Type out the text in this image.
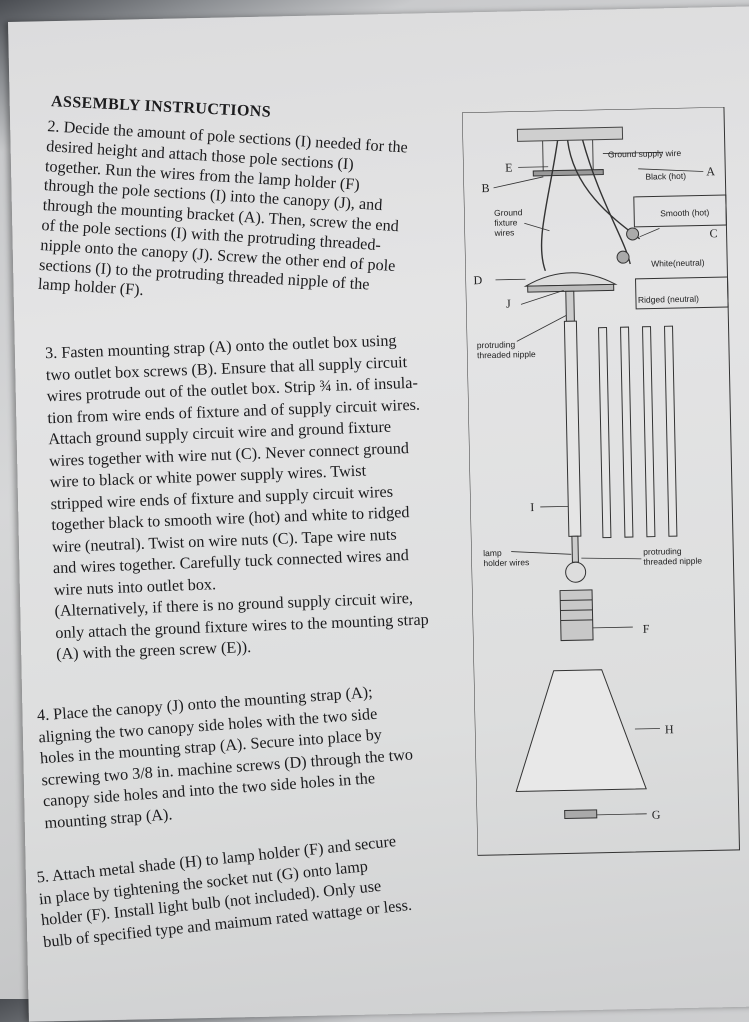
ASSEMBLY INSTRUCTIONS

2. Decide the amount of pole sections (I) needed for the
desired height and attach those pole sections (I)
together. Run the wires from the lamp holder (F)
through the pole sections (I) into the canopy (J), and
through the mounting bracket (A). Then, screw the end
of the pole sections (I) with the protruding threaded-
nipple onto the canopy (J). Screw the other end of pole
sections (I) to the protruding threaded nipple of the
lamp holder (F).

3. Fasten mounting strap (A) onto the outlet box using
two outlet box screws (B). Ensure that all supply circuit
wires protrude out of the outlet box. Strip ¾ in. of insula-
tion from wire ends of fixture and of supply circuit wires.
Attach ground supply circuit wire and ground fixture
wires together with wire nut (C). Never connect ground
wire to black or white power supply wires. Twist
stripped wire ends of fixture and supply circuit wires
together black to smooth wire (hot) and white to ridged
wire (neutral). Twist on wire nuts (C). Tape wire nuts
and wires together. Carefully tuck connected wires and
wire nuts into outlet box.
(Alternatively, if there is no ground supply circuit wire,
only attach the ground fixture wires to the mounting strap
(A) with the green screw (E)).

4. Place the canopy (J) onto the mounting strap (A);
aligning the two canopy side holes with the two side
holes in the mounting strap (A). Secure into place by
screwing two 3/8 in. machine screws (D) through the two
canopy side holes and into the two side holes in the
mounting strap (A).

5. Attach metal shade (H) to lamp holder (F) and secure
in place by tightening the socket nut (G) onto lamp
holder (F). Install light bulb (not included). Only use
bulb of specified type and maimum rated wattage or less.

Ground supply wire
Black (hot)
Smooth (hot)
White(neutral)
Ridged (neutral)
Ground
fixture
wires
protruding
threaded nipple
lamp
holder wires
protruding
threaded nipple
A
B
C
D
E
F
G
H
I
J
